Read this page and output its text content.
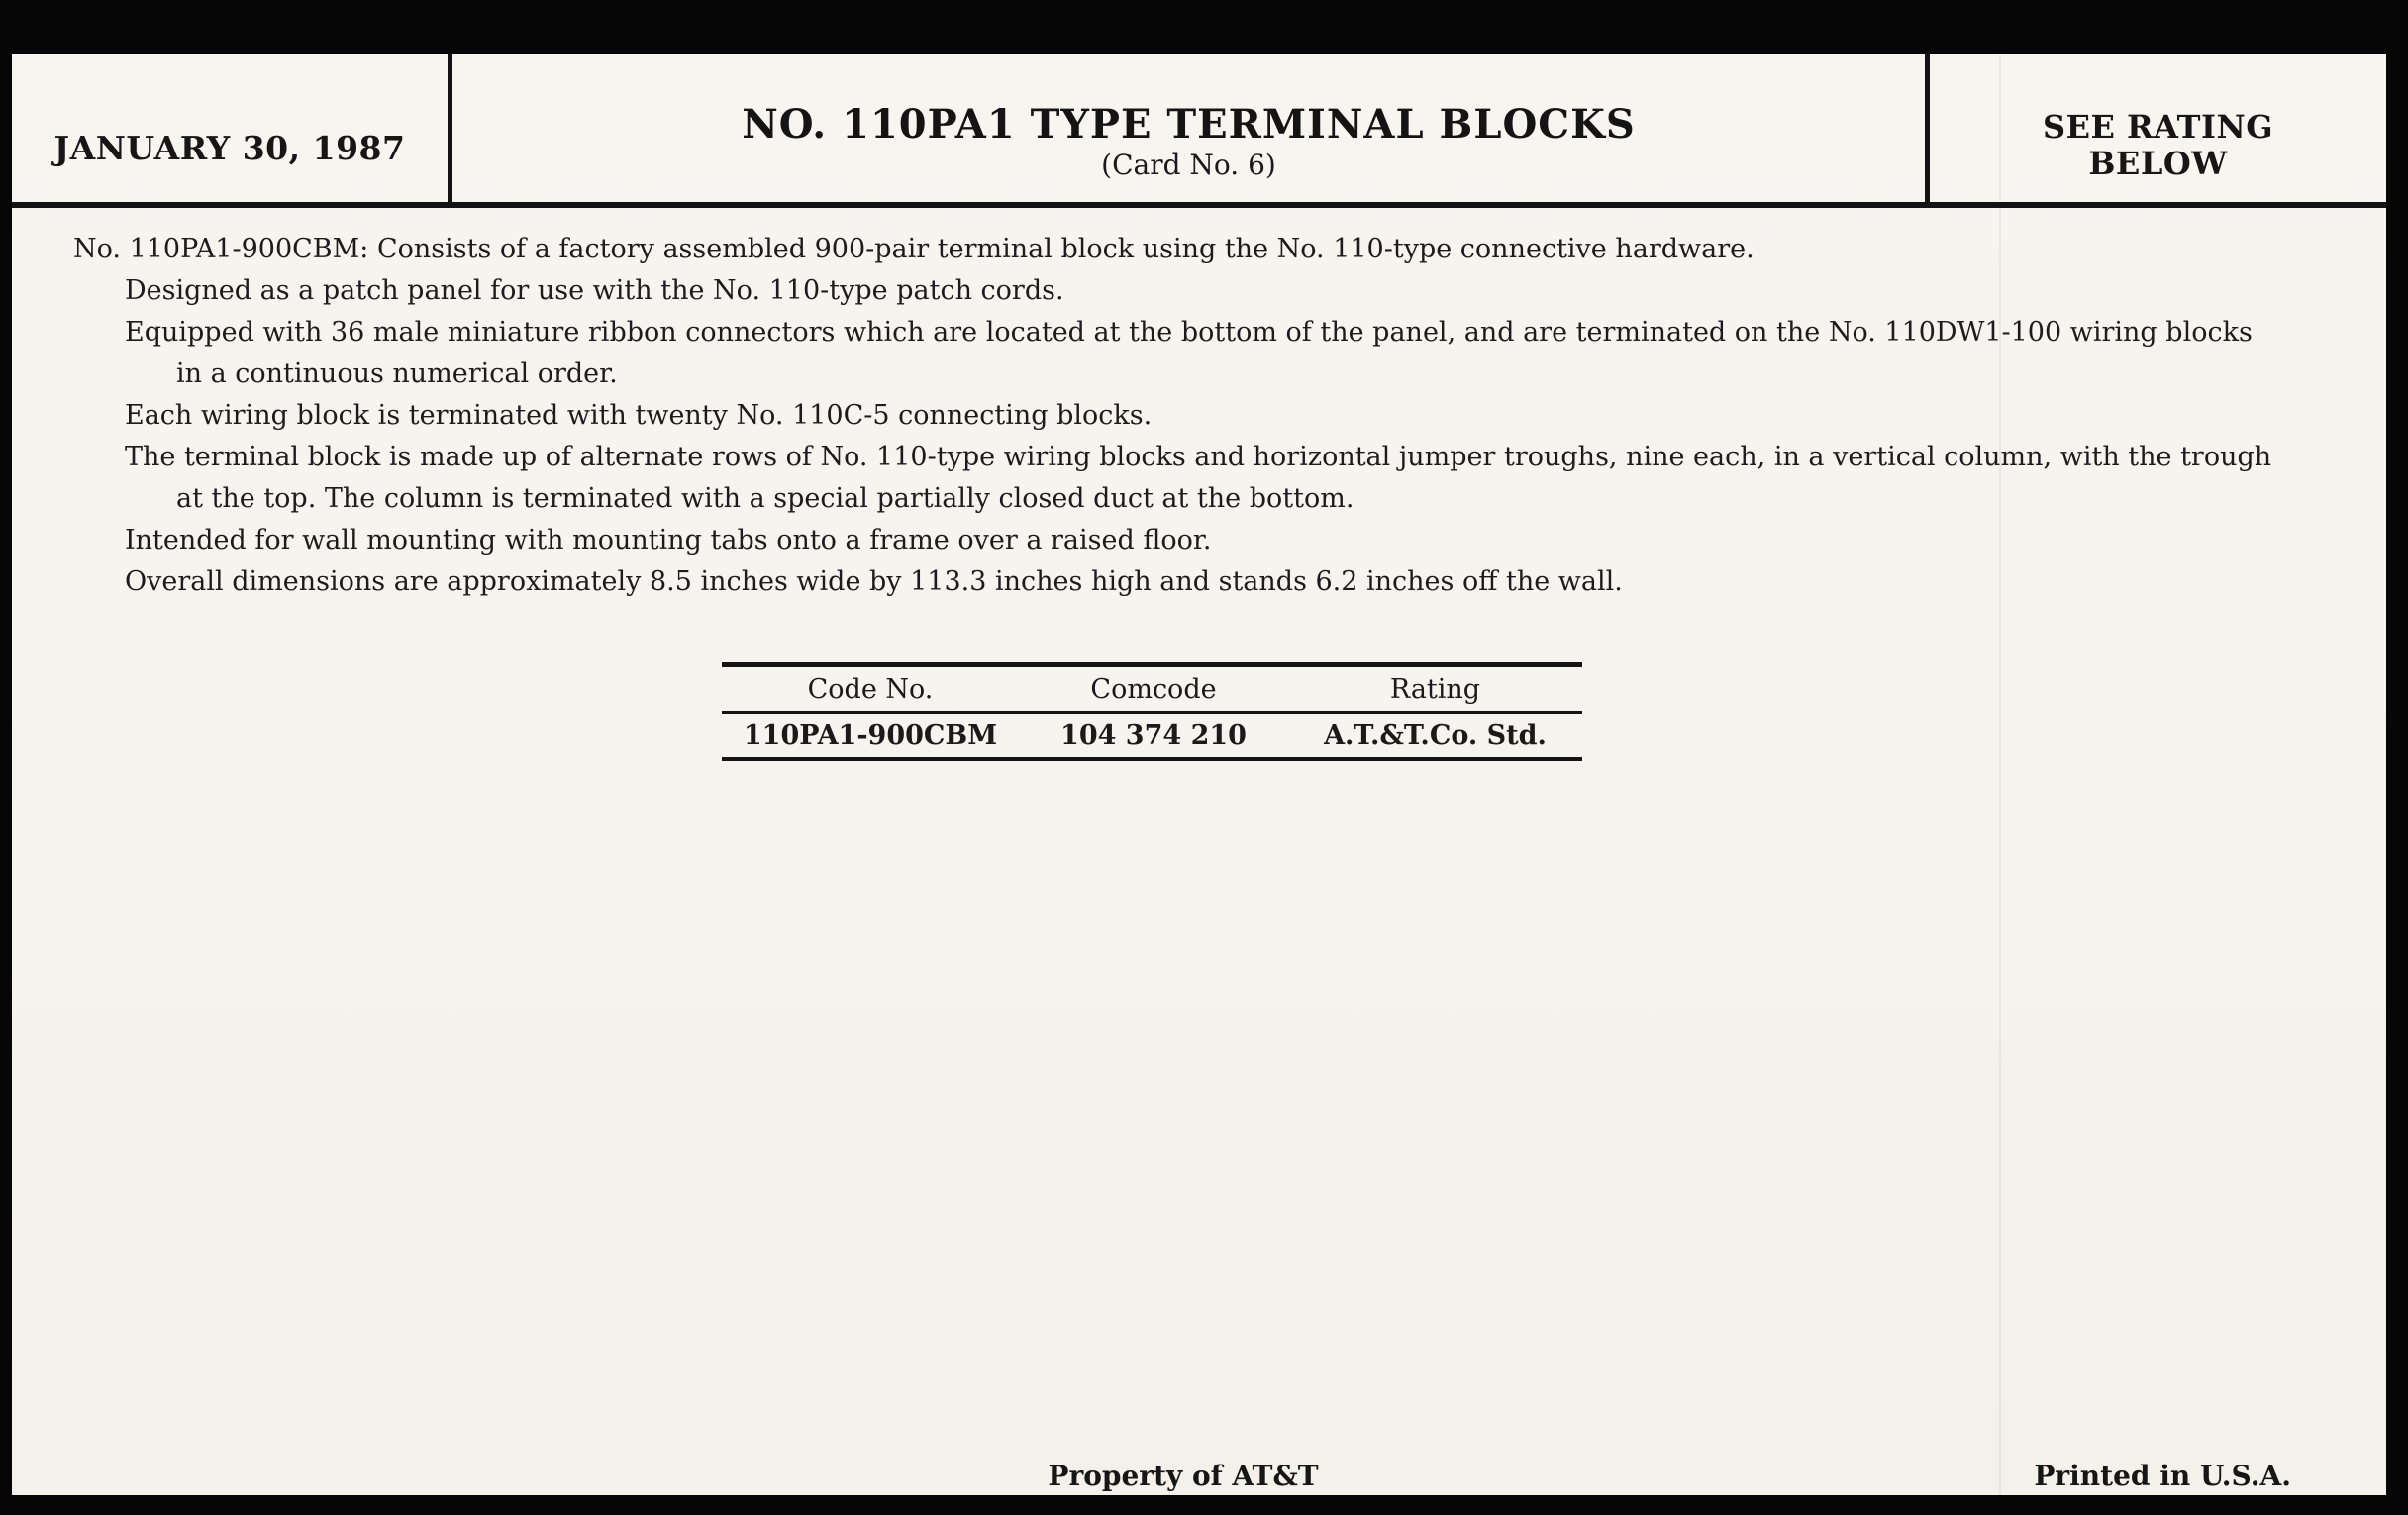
JANUARY 30, 1987
NO. 110PA1 TYPE TERMINAL BLOCKS
(Card No. 6)
SEE RATING
BELOW
No. 110PA1-900CBM: Consists of a factory assembled 900-pair terminal block using the No. 110-type connective hardware.
Designed as a patch panel for use with the No. 110-type patch cords.
Equipped with 36 male miniature ribbon connectors which are located at the bottom of the panel, and are terminated on the No. 110DW1-100 wiring blocks
in a continuous numerical order.
Each wiring block is terminated with twenty No. 110C-5 connecting blocks.
The terminal block is made up of alternate rows of No. 110-type wiring blocks and horizontal jumper troughs, nine each, in a vertical column, with the trough
at the top. The column is terminated with a special partially closed duct at the bottom.
Intended for wall mounting with mounting tabs onto a frame over a raised floor.
Overall dimensions are approximately 8.5 inches wide by 113.3 inches high and stands 6.2 inches off the wall.
Code No.	Comcode	Rating
110PA1-900CBM	104 374 210	A.T.&T.Co. Std.
Property of AT&T	Printed in U.S.A.
